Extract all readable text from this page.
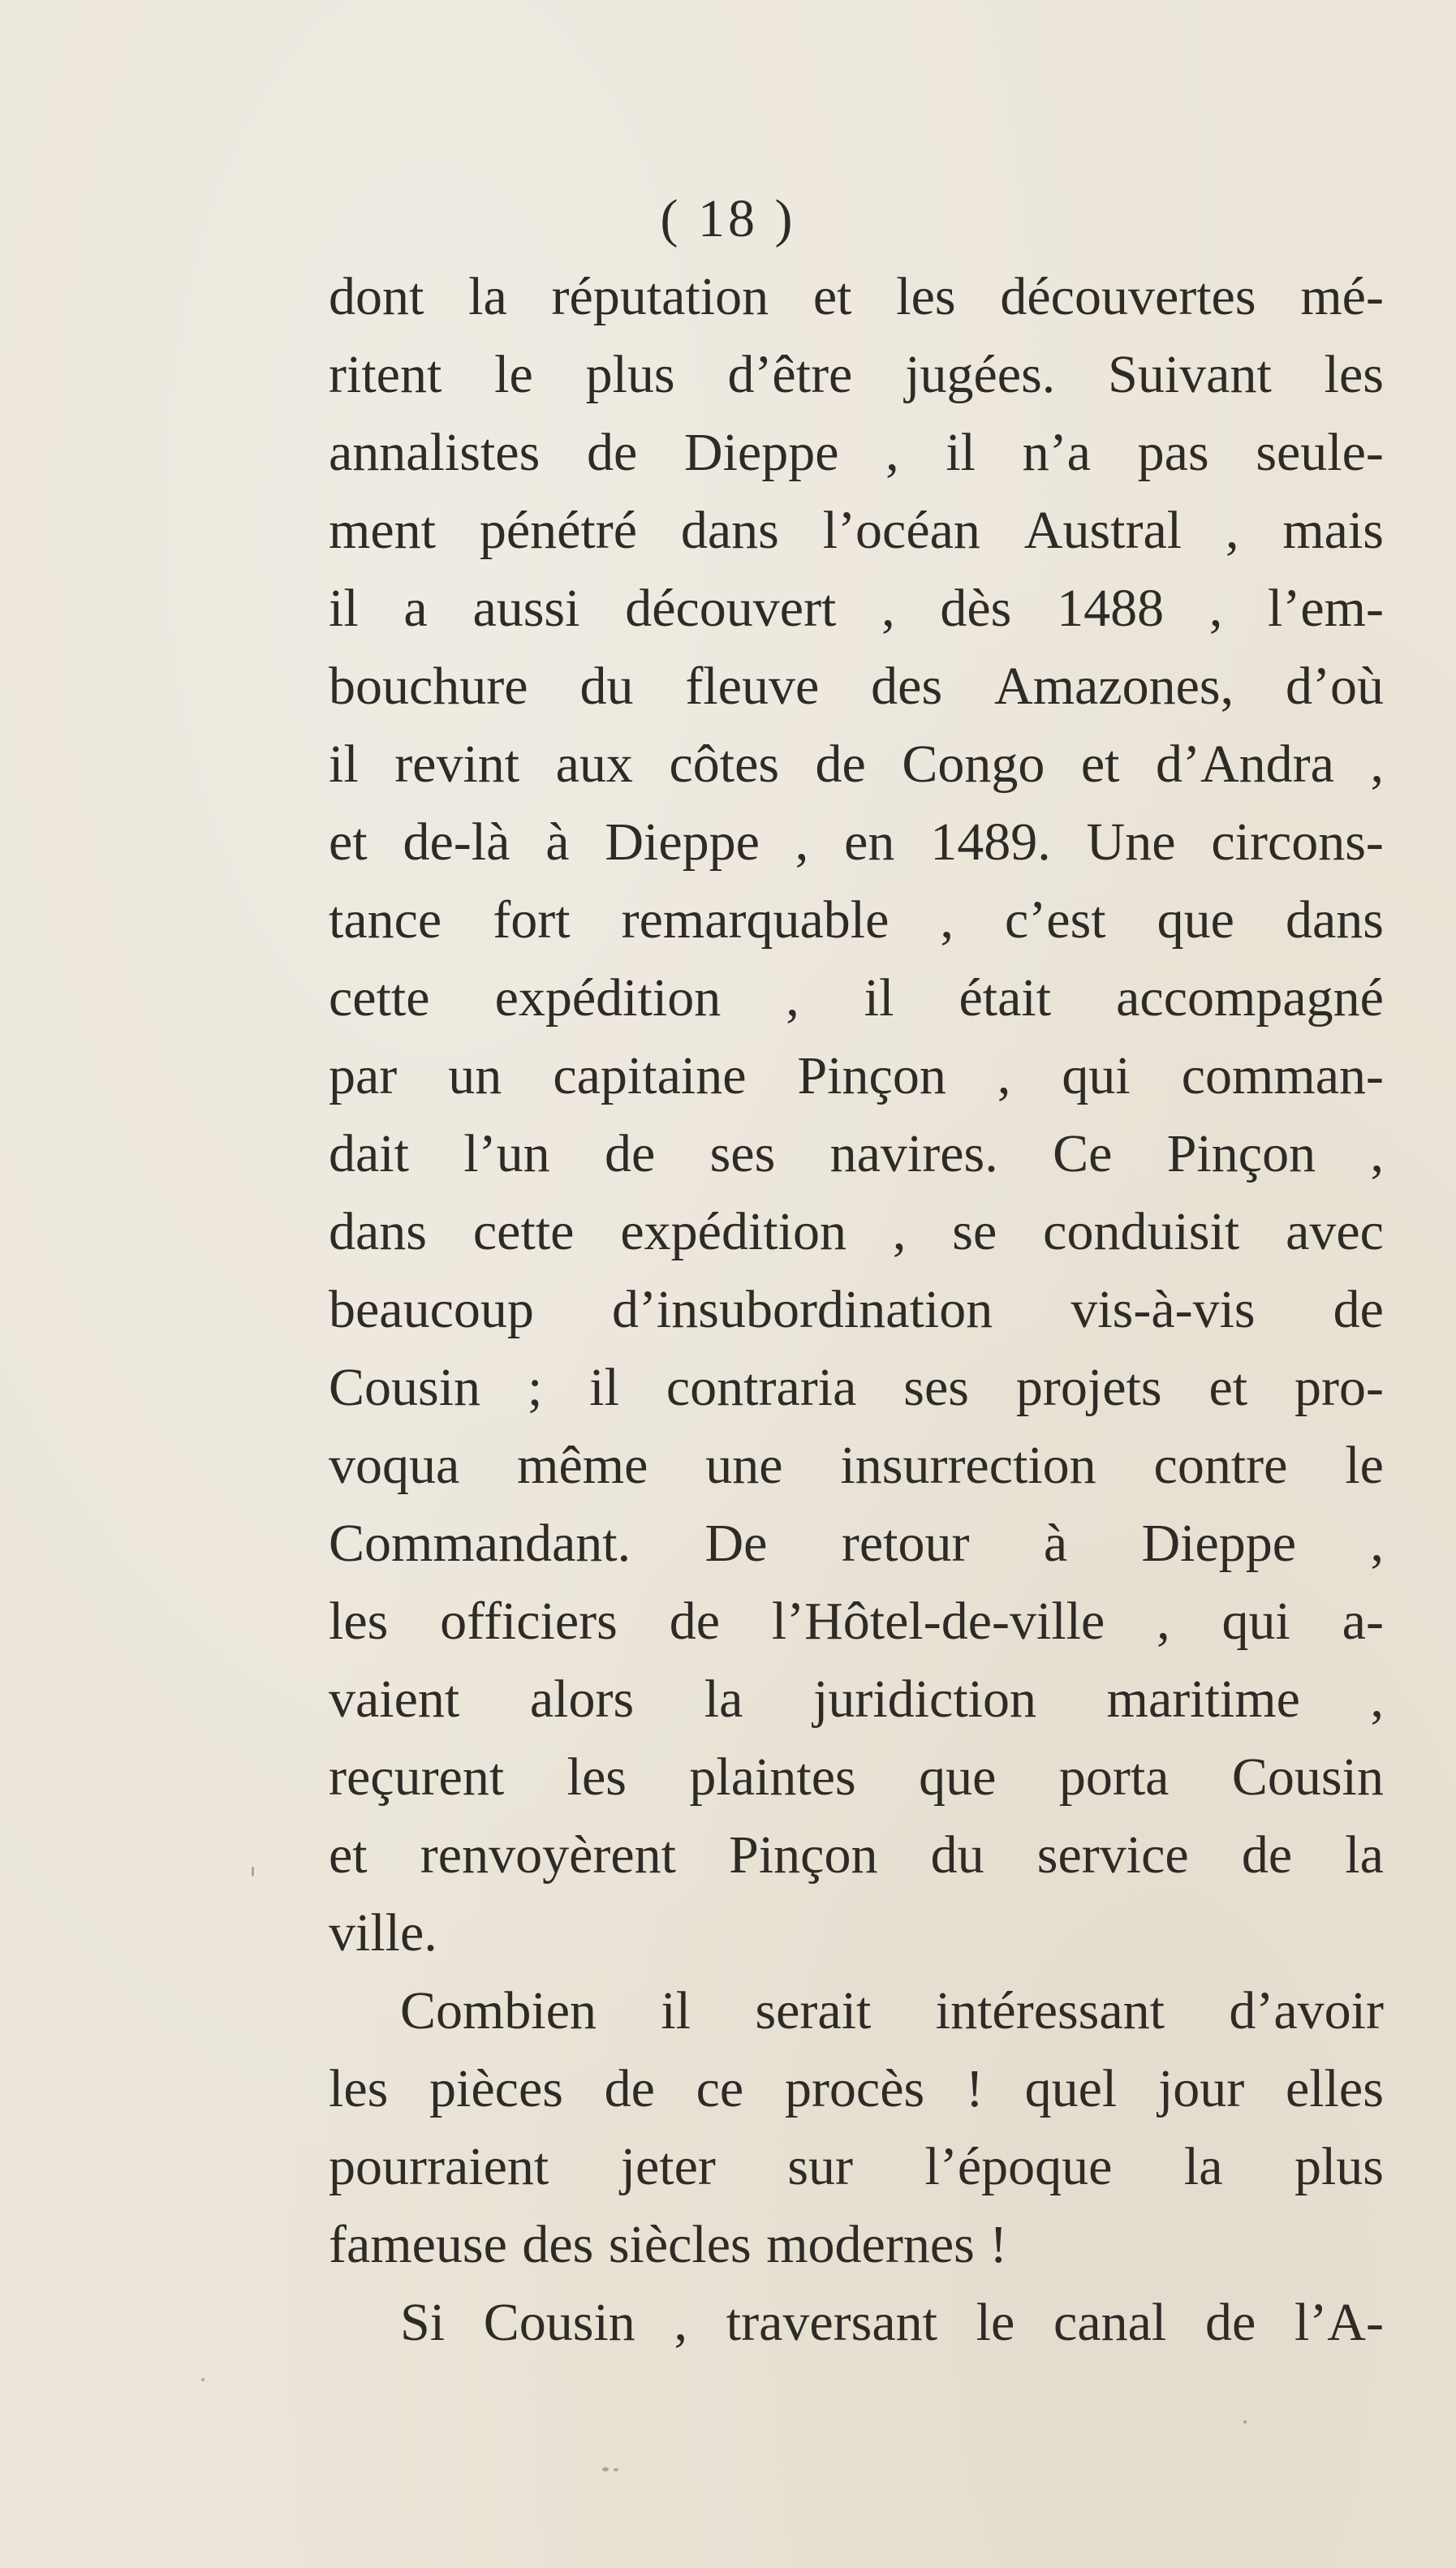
( 18 )
dont la réputation et les découvertes mé-
ritent le plus d’être jugées. Suivant les
annalistes de Dieppe , il n’a pas seule-
ment pénétré dans l’océan Austral , mais
il a aussi découvert , dès 1488 , l’em-
bouchure du fleuve des Amazones, d’où
il revint aux côtes de Congo et d’Andra ,
et de-là à Dieppe , en 1489. Une circons-
tance fort remarquable , c’est que dans
cette expédition , il était accompagné
par un capitaine Pinçon , qui comman-
dait l’un de ses navires. Ce Pinçon ,
dans cette expédition , se conduisit avec
beaucoup d’insubordination vis-à-vis de
Cousin ; il contraria ses projets et pro-
voqua même une insurrection contre le
Commandant. De retour à Dieppe ,
les officiers de l’Hôtel-de-ville , qui a-
vaient alors la juridiction maritime ,
reçurent les plaintes que porta Cousin
et renvoyèrent Pinçon du service de la
ville.
Combien il serait intéressant d’avoir
les pièces de ce procès ! quel jour elles
pourraient jeter sur l’époque la plus
fameuse des siècles modernes !
Si Cousin , traversant le canal de l’A-
